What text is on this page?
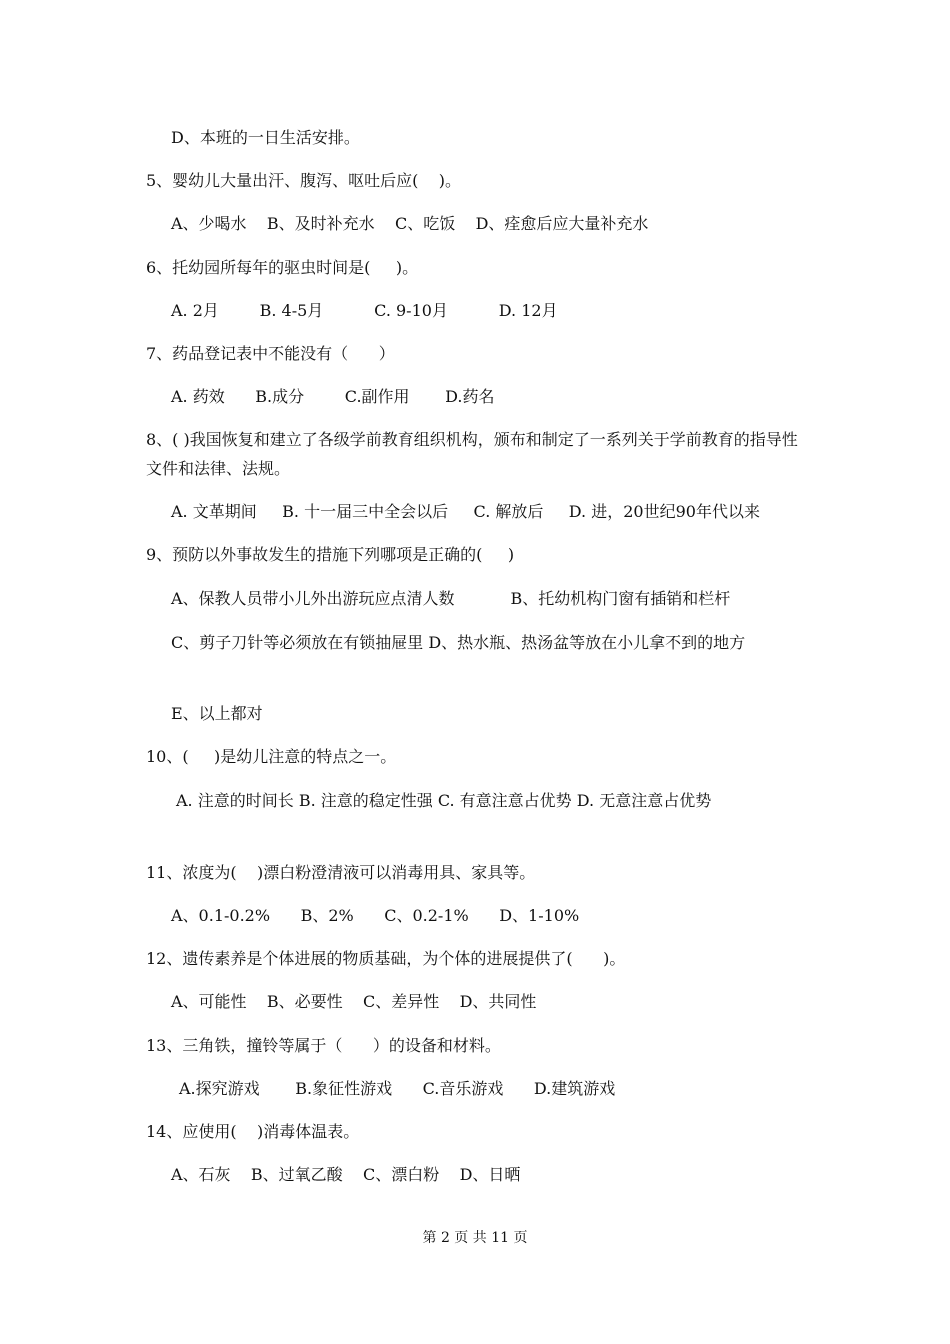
D、本班的一日生活安排。
5、婴幼儿大量出汗、腹泻、呕吐后应(    )。
A、少喝水    B、及时补充水    C、吃饭    D、痊愈后应大量补充水
6、托幼园所每年的驱虫时间是(     )。
A. 2月        B. 4-5月          C. 9-10月          D. 12月
7、药品登记表中不能没有（      ）
A. 药效      B.成分        C.副作用       D.药名
8、( )我国恢复和建立了各级学前教育组织机构，颁布和制定了一系列关于学前教育的指导性文件和法律、法规。
A. 文革期间     B. 十一届三中全会以后     C. 解放后     D. 进，20世纪90年代以来
9、预防以外事故发生的措施下列哪项是正确的(     )
A、保教人员带小儿外出游玩应点清人数           B、托幼机构门窗有插销和栏杆
C、剪子刀针等必须放在有锁抽屉里 D、热水瓶、热汤盆等放在小儿拿不到的地方
E、以上都对
10、(     )是幼儿注意的特点之一。
A. 注意的时间长 B. 注意的稳定性强 C. 有意注意占优势 D. 无意注意占优势
11、浓度为(    )漂白粉澄清液可以消毒用具、家具等。
A、0.1-0.2%      B、2%      C、0.2-1%      D、1-10%
12、遗传素养是个体进展的物质基础，为个体的进展提供了(      )。
A、可能性    B、必要性    C、差异性    D、共同性
13、三角铁，撞铃等属于（      ）的设备和材料。
A.探究游戏       B.象征性游戏      C.音乐游戏      D.建筑游戏
14、应使用(    )消毒体温表。
A、石灰    B、过氧乙酸    C、漂白粉    D、日晒
第 2 页 共 11 页
